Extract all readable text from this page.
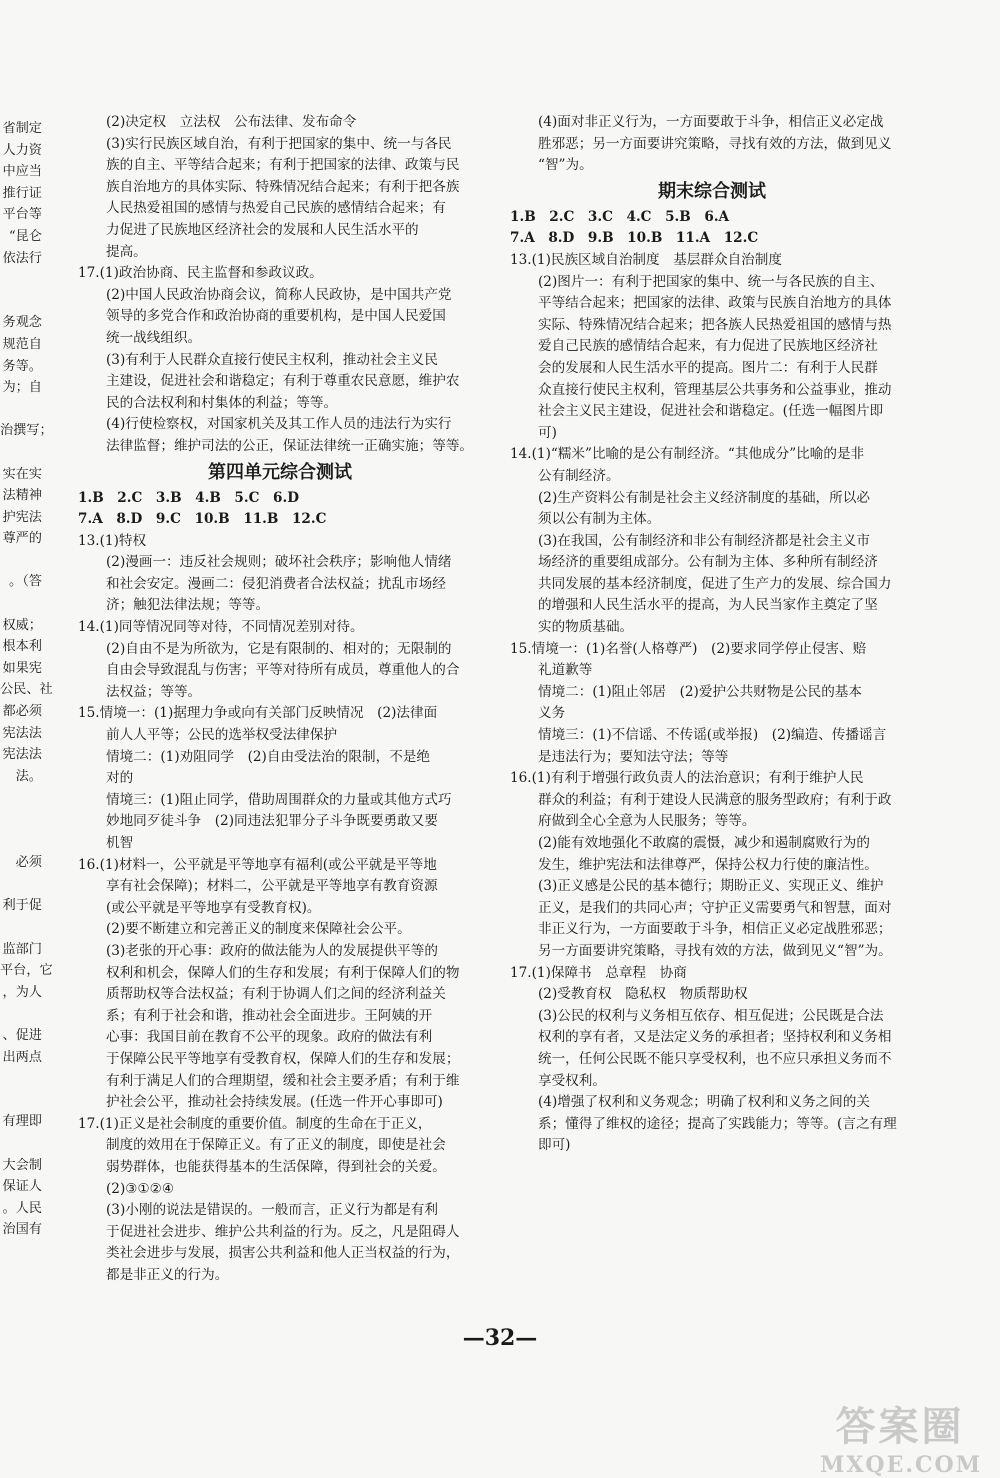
省制定

人力资

中应当

推行证

平台等

“昆仑

依法行

务观念

规范自

务等。

为；自

治撰写；

实在实

法精神

护宪法

尊严的

。（答

权威；

根本利

如果宪

公民、社

都必须

宪法法

宪法法

法。

必须

利于促

监部门

平台，它

，为人

、促进

出两点

有理即

大会制

保证人

。人民

治国有

(2)决定权　立法权　公布法律、发布命令

(3)实行民族区域自治，有利于把国家的集中、统一与各民

族的自主、平等结合起来；有利于把国家的法律、政策与民

族自治地方的具体实际、特殊情况结合起来；有利于把各族

人民热爱祖国的感情与热爱自己民族的感情结合起来；有

力促进了民族地区经济社会的发展和人民生活水平的

提高。

17.(1)政治协商、民主监督和参政议政。

(2)中国人民政治协商会议，简称人民政协，是中国共产党

领导的多党合作和政治协商的重要机构，是中国人民爱国

统一战线组织。

(3)有利于人民群众直接行使民主权利，推动社会主义民

主建设，促进社会和谐稳定；有利于尊重农民意愿，维护农

民的合法权利和村集体的利益；等等。

(4)行使检察权，对国家机关及其工作人员的违法行为实行

法律监督；维护司法的公正，保证法律统一正确实施；等等。

第四单元综合测试

1.B　2.C　3.B　4.B　5.C　6.D

7.A　8.D　9.C　10.B　11.B　12.C

13.(1)特权

(2)漫画一：违反社会规则；破坏社会秩序；影响他人情绪

和社会安定。漫画二：侵犯消费者合法权益；扰乱市场经

济；触犯法律法规；等等。

14.(1)同等情况同等对待，不同情况差别对待。

(2)自由不是为所欲为，它是有限制的、相对的；无限制的

自由会导致混乱与伤害；平等对待所有成员，尊重他人的合

法权益；等等。

15.情境一：(1)据理力争或向有关部门反映情况　(2)法律面

前人人平等；公民的选举权受法律保护

情境二：(1)劝阻同学　(2)自由受法治的限制，不是绝

对的

情境三：(1)阻止同学，借助周围群众的力量或其他方式巧

妙地同歹徒斗争　(2)同违法犯罪分子斗争既要勇敢又要

机智

16.(1)材料一，公平就是平等地享有福利(或公平就是平等地

享有社会保障)；材料二，公平就是平等地享有教育资源

(或公平就是平等地享有受教育权)。

(2)要不断建立和完善正义的制度来保障社会公平。

(3)老张的开心事：政府的做法能为人的发展提供平等的

权利和机会，保障人们的生存和发展；有利于保障人们的物

质帮助权等合法权益；有利于协调人们之间的经济利益关

系；有利于社会和谐，推动社会全面进步。王阿姨的开

心事：我国目前在教育不公平的现象。政府的做法有利

于保障公民平等地享有受教育权，保障人们的生存和发展；

有利于满足人们的合理期望，缓和社会主要矛盾；有利于维

护社会公平，推动社会持续发展。(任选一件开心事即可)

17.(1)正义是社会制度的重要价值。制度的生命在于正义，

制度的效用在于保障正义。有了正义的制度，即使是社会

弱势群体，也能获得基本的生活保障，得到社会的关爱。

(2)③①②④

(3)小刚的说法是错误的。一般而言，正义行为都是有利

于促进社会进步、维护公共利益的行为。反之，凡是阻碍人

类社会进步与发展，损害公共利益和他人正当权益的行为，

都是非正义的行为。

(4)面对非正义行为，一方面要敢于斗争，相信正义必定战

胜邪恶；另一方面要讲究策略，寻找有效的方法，做到见义

“智”为。

期末综合测试

1.B　2.C　3.C　4.C　5.B　6.A

7.A　8.D　9.B　10.B　11.A　12.C

13.(1)民族区域自治制度　基层群众自治制度

(2)图片一：有利于把国家的集中、统一与各民族的自主、

平等结合起来；把国家的法律、政策与民族自治地方的具体

实际、特殊情况结合起来；把各族人民热爱祖国的感情与热

爱自己民族的感情结合起来，有力促进了民族地区经济社

会的发展和人民生活水平的提高。图片二：有利于人民群

众直接行使民主权利，管理基层公共事务和公益事业，推动

社会主义民主建设，促进社会和谐稳定。(任选一幅图片即

可)

14.(1)“糯米”比喻的是公有制经济。“其他成分”比喻的是非

公有制经济。

(2)生产资料公有制是社会主义经济制度的基础，所以必

须以公有制为主体。

(3)在我国，公有制经济和非公有制经济都是社会主义市

场经济的重要组成部分。公有制为主体、多种所有制经济

共同发展的基本经济制度，促进了生产力的发展、综合国力

的增强和人民生活水平的提高，为人民当家作主奠定了坚

实的物质基础。

15.情境一：(1)名誉(人格尊严)　(2)要求同学停止侵害、赔

礼道歉等

情境二：(1)阻止邻居　(2)爱护公共财物是公民的基本

义务

情境三：(1)不信谣、不传谣(或举报)　(2)编造、传播谣言

是违法行为；要知法守法；等等

16.(1)有利于增强行政负责人的法治意识；有利于维护人民

群众的利益；有利于建设人民满意的服务型政府；有利于政

府做到全心全意为人民服务；等等。

(2)能有效地强化不敢腐的震慑，减少和遏制腐败行为的

发生，维护宪法和法律尊严，保持公权力行使的廉洁性。

(3)正义感是公民的基本德行；期盼正义、实现正义、维护

正义，是我们的共同心声；守护正义需要勇气和智慧，面对

非正义行为，一方面要敢于斗争，相信正义必定战胜邪恶；

另一方面要讲究策略，寻找有效的方法，做到见义“智”为。

17.(1)保障书　总章程　协商

(2)受教育权　隐私权　物质帮助权

(3)公民的权利与义务相互依存、相互促进；公民既是合法

权利的享有者，又是法定义务的承担者；坚持权利和义务相

统一，任何公民既不能只享受权利，也不应只承担义务而不

享受权利。

(4)增强了权利和义务观念；明确了权利和义务之间的关

系；懂得了维权的途径；提高了实践能力；等等。(言之有理

即可)

—32—
答案圈
MXQE.COM
